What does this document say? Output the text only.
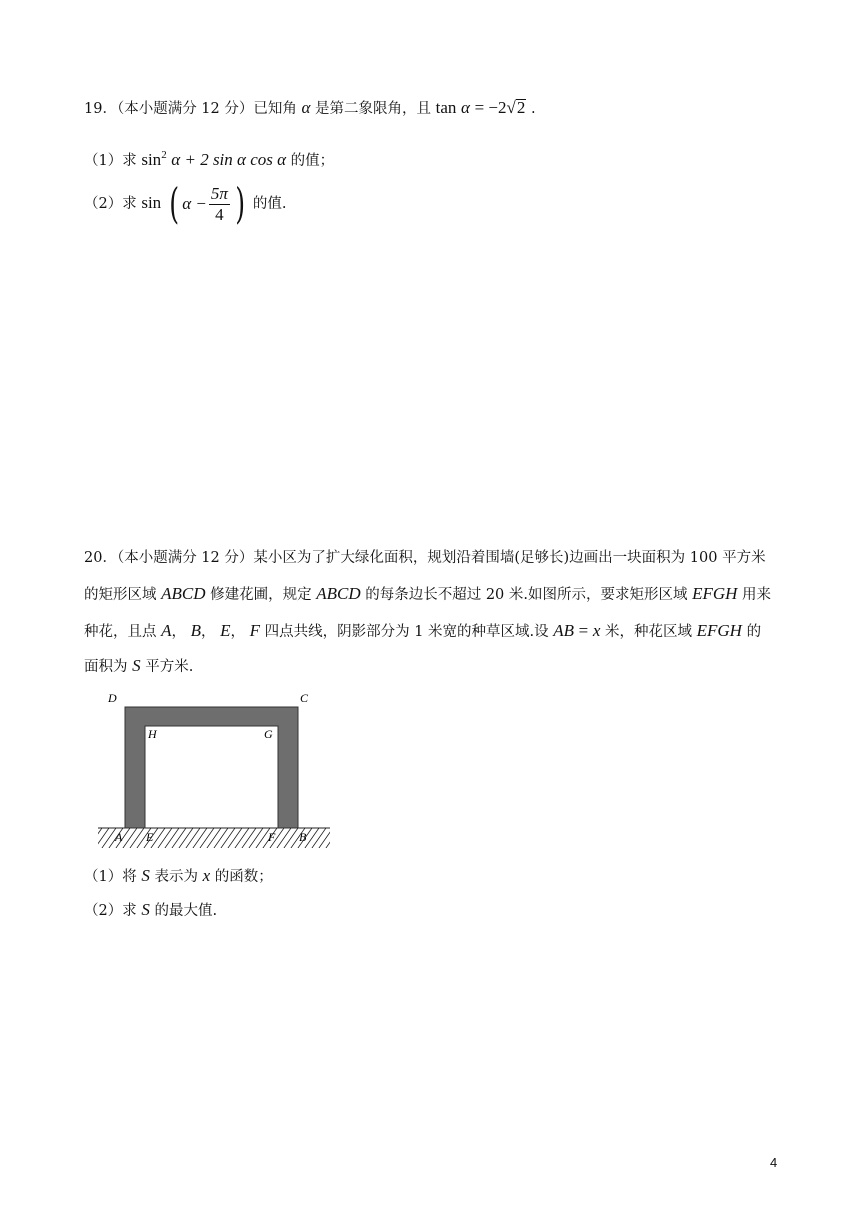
19．（本小题满分 12 分）已知角 α 是第二象限角，且 tan α = −2√2 .
（1）求 $\sin^2 \alpha + 2$ sin α cos α 的值；
（2）求 sin ( $\alpha - \frac{5\pi}{4}$ ) 的值.
20．（本小题满分 12 分）某小区为了扩大绿化面积，规划沿着围墙(足够长)边画出一块面积为 100 平方米
的矩形区域 ABCD 修建花圃，规定 ABCD 的每条边长不超过 20 米.如图所示，要求矩形区域 EFGH 用来
种花，且点 A， B， E， F 四点共线，阴影部分为 1 米宽的种草区域.设 AB = x 米，种花区域 EFGH 的
面积为 S 平方米.
D	C
H	G
A E	F B
（1）将 S 表示为 x 的函数；
（2）求 S 的最大值.
4
